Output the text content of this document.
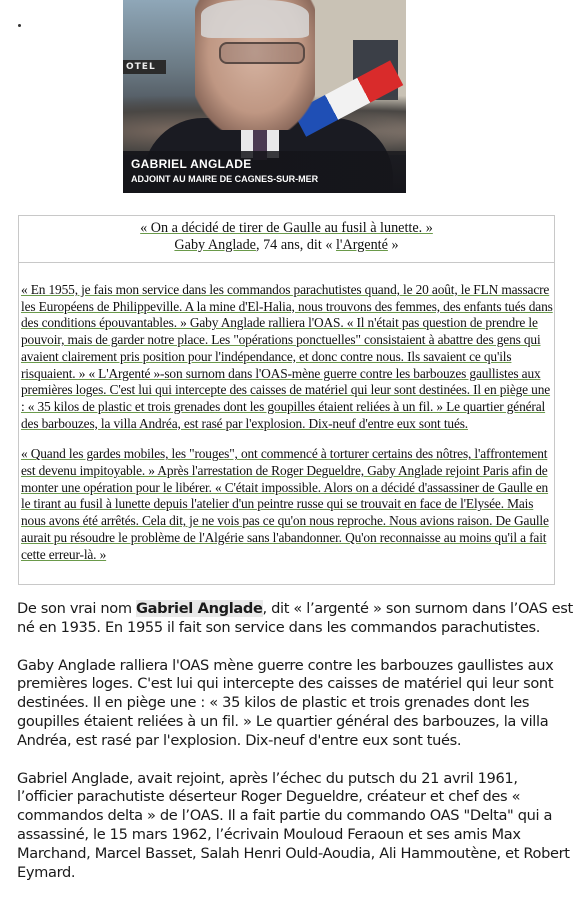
OTEL
GABRIEL ANGLADE
ADJOINT AU MAIRE DE CAGNES-SUR-MER
« On a décidé de tirer de Gaulle au fusil à lunette. »
Gaby Anglade, 74 ans, dit « l'Argenté »

« En 1955, je fais mon service dans les commandos parachutistes quand, le 20 août, le FLN massacre les Européens de Philippeville. A la mine d'El-Halia, nous trouvons des femmes, des enfants tués dans des conditions épouvantables. » Gaby Anglade ralliera l'OAS. « Il n'était pas question de prendre le pouvoir, mais de garder notre place. Les "opérations ponctuelles" consistaient à abattre des gens qui avaient clairement pris position pour l'indépendance, et donc contre nous. Ils savaient ce qu'ils risquaient. » « L'Argenté »-son surnom dans l'OAS-mène guerre contre les barbouzes gaullistes aux premières loges. C'est lui qui intercepte des caisses de matériel qui leur sont destinées. Il en piège une : « 35 kilos de plastic et trois grenades dont les goupilles étaient reliées à un fil. » Le quartier général des barbouzes, la villa Andréa, est rasé par l'explosion. Dix-neuf d'entre eux sont tués.

« Quand les gardes mobiles, les "rouges", ont commencé à torturer certains des nôtres, l'affrontement est devenu impitoyable. » Après l'arrestation de Roger Degueldre, Gaby Anglade rejoint Paris afin de monter une opération pour le libérer. « C'était impossible. Alors on a décidé d'assassiner de Gaulle en le tirant au fusil à lunette depuis l'atelier d'un peintre russe qui se trouvait en face de l'Elysée. Mais nous avons été arrêtés. Cela dit, je ne vois pas ce qu'on nous reproche. Nous avions raison. De Gaulle aurait pu résoudre le problème de l'Algérie sans l'abandonner. Qu'on reconnaisse au moins qu'il a fait cette erreur-là. »

De son vrai nom Gabriel Anglade, dit « l’argenté » son surnom dans l’OAS est né en 1935. En 1955 il fait son service dans les commandos parachutistes.

Gaby Anglade ralliera l'OAS mène guerre contre les barbouzes gaullistes aux premières loges. C'est lui qui intercepte des caisses de matériel qui leur sont destinées. Il en piège une : « 35 kilos de plastic et trois grenades dont les goupilles étaient reliées à un fil. » Le quartier général des barbouzes, la villa Andréa, est rasé par l'explosion. Dix-neuf d'entre eux sont tués.

Gabriel Anglade, avait rejoint, après l’échec du putsch du 21 avril 1961, l’officier parachutiste déserteur Roger Degueldre, créateur et chef des « commandos delta » de l’OAS. Il a fait partie du commando OAS "Delta" qui a assassiné, le 15 mars 1962, l’écrivain Mouloud Feraoun et ses amis Max Marchand, Marcel Basset, Salah Henri Ould-Aoudia, Ali Hammoutène, et Robert Eymard.
